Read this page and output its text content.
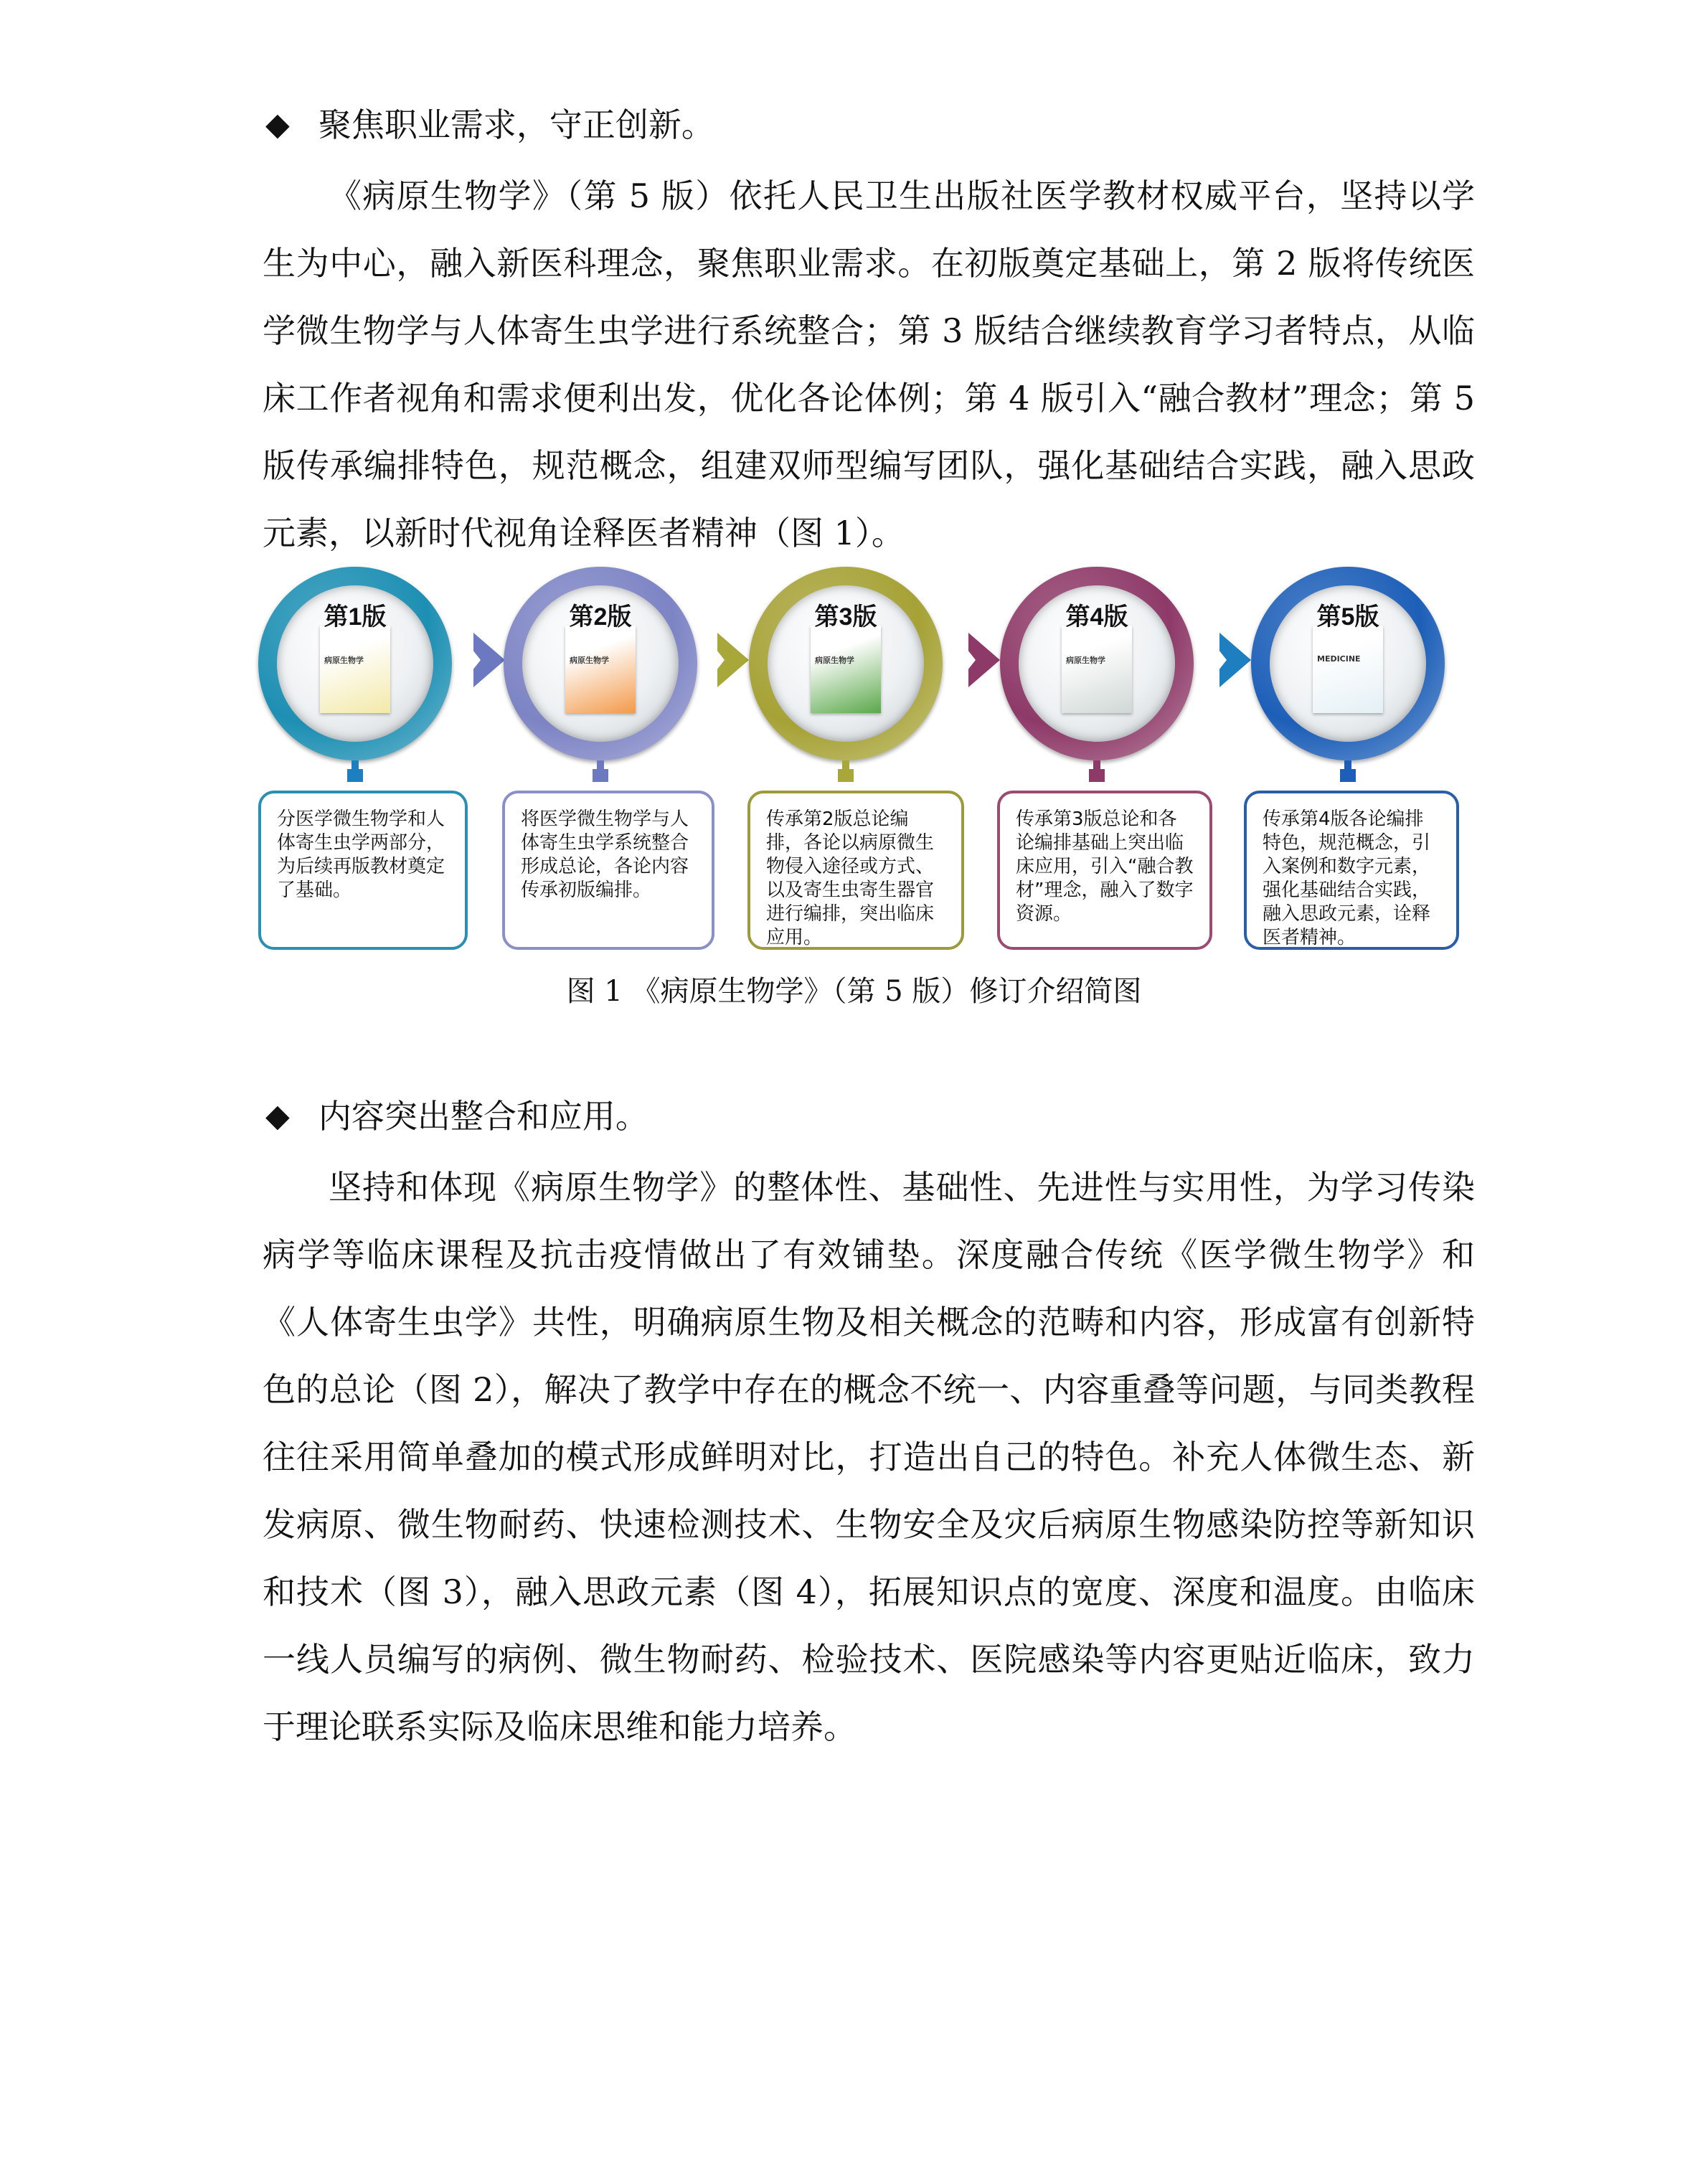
◆ 聚焦职业需求，守正创新。

《病原生物学》（第 5 版）依托人民卫生出版社医学教材权威平台，坚持以学生为中心，融入新医科理念，聚焦职业需求。在初版奠定基础上，第 2 版将传统医学微生物学与人体寄生虫学进行系统整合；第 3 版结合继续教育学习者特点，从临床工作者视角和需求便利出发，优化各论体例；第 4 版引入“融合教材”理念；第 5 版传承编排特色，规范概念，组建双师型编写团队，强化基础结合实践，融入思政元素，以新时代视角诠释医者精神（图 1）。

病原生物学
第1版
分医学微生物学和人体寄生虫学两部分，为后续再版教材奠定了基础。
病原生物学
第2版
将医学微生物学与人体寄生虫学系统整合形成总论，各论内容传承初版编排。
病原生物学
第3版
传承第2版总论编排，各论以病原微生物侵入途径或方式、以及寄生虫寄生器官进行编排，突出临床应用。
病原生物学
第4版
传承第3版总论和各论编排基础上突出临床应用，引入“融合教材”理念，融入了数字资源。
MEDICINE
第5版
传承第4版各论编排特色，规范概念，引入案例和数字元素，强化基础结合实践，融入思政元素，诠释医者精神。
图 1 《病原生物学》（第 5 版）修订介绍简图
◆ 内容突出整合和应用。

坚持和体现《病原生物学》的整体性、基础性、先进性与实用性，为学习传染病学等临床课程及抗击疫情做出了有效铺垫。深度融合传统《医学微生物学》和《人体寄生虫学》共性，明确病原生物及相关概念的范畴和内容，形成富有创新特色的总论（图 2），解决了教学中存在的概念不统一、内容重叠等问题，与同类教程往往采用简单叠加的模式形成鲜明对比，打造出自己的特色。补充人体微生态、新发病原、微生物耐药、快速检测技术、生物安全及灾后病原生物感染防控等新知识和技术（图 3），融入思政元素（图 4），拓展知识点的宽度、深度和温度。由临床一线人员编写的病例、微生物耐药、检验技术、医院感染等内容更贴近临床，致力于理论联系实际及临床思维和能力培养。
